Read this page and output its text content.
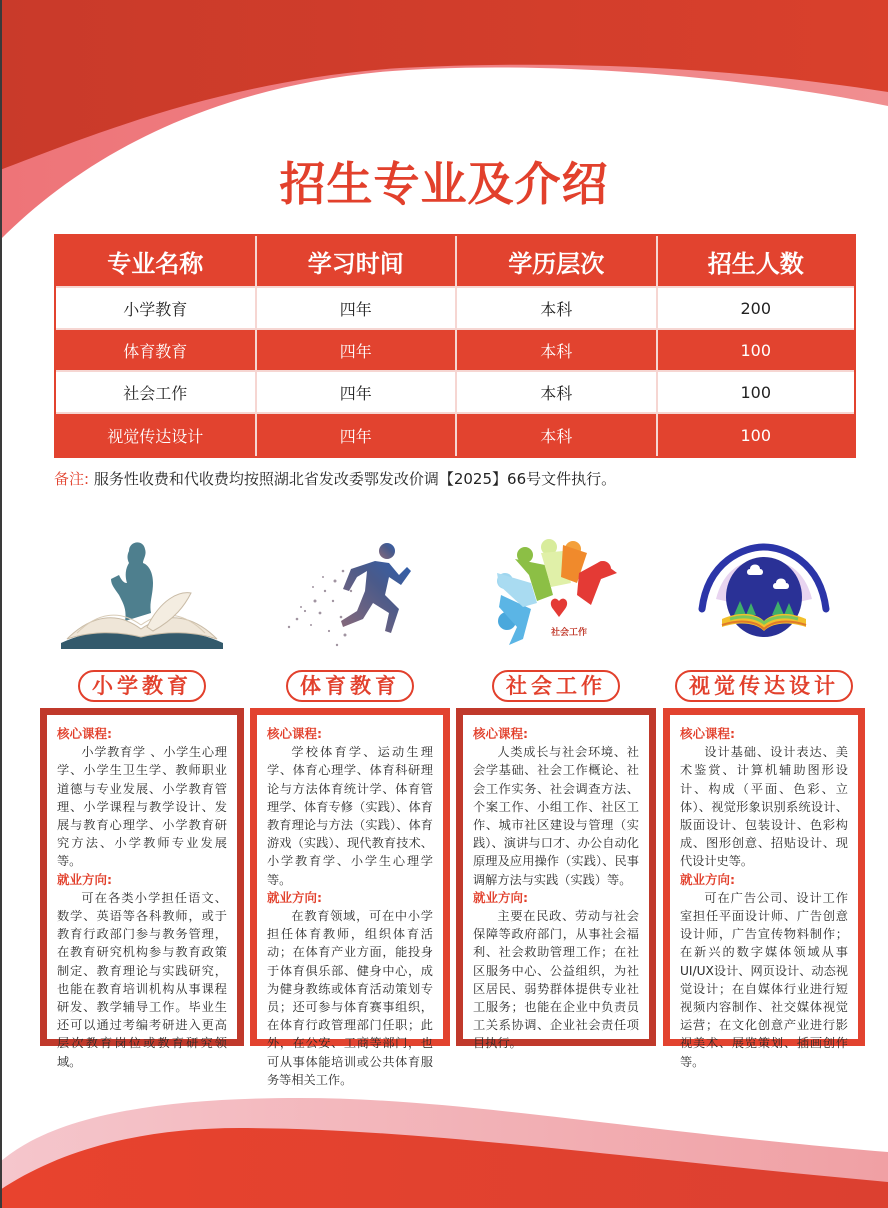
招生专业及介绍
专业名称	学习时间	学历层次	招生人数
小学教育	四年	本科	200
体育教育	四年	本科	100
社会工作	四年	本科	100
视觉传达设计	四年	本科	100
备注: 服务性收费和代收费均按照湖北省发改委鄂发改价调【2025】66号文件执行。
小学教育
核心课程:
小学教育学 、小学生心理学、小学生卫生学、教师职业道德与专业发展、小学教育管理、小学课程与教学设计、发展与教育心理学、小学教育研究方法、小学教师专业发展等。
就业方向:
可在各类小学担任语文、数学、英语等各科教师，或于教育行政部门参与教务管理，在教育研究机构参与教育政策制定、教育理论与实践研究，也能在教育培训机构从事课程研发、教学辅导工作。毕业生还可以通过考编考研进入更高层次教育岗位或教育研究领域。
体育教育
核心课程:
学校体育学、运动生理学、体育心理学、体育科研理论与方法体育统计学、体育管理学、体育专修（实践）、体育教育理论与方法（实践）、体育游戏（实践）、现代教育技术、小学教育学、小学生心理学等。
就业方向:
在教育领域，可在中小学担任体育教师，组织体育活动；在体育产业方面，能投身于体育俱乐部、健身中心，成为健身教练或体育活动策划专员；还可参与体育赛事组织，在体育行政管理部门任职；此外，在公安、工商等部门，也可从事体能培训或公共体育服务等相关工作。
社会工作
社会工作
核心课程:
人类成长与社会环境、社会学基础、社会工作概论、社会工作实务、社会调查方法、个案工作、小组工作、社区工作、城市社区建设与管理（实践）、演讲与口才、办公自动化原理及应用操作（实践）、民事调解方法与实践（实践）等。
就业方向:
主要在民政、劳动与社会保障等政府部门，从事社会福利、社会救助管理工作；在社区服务中心、公益组织，为社区居民、弱势群体提供专业社工服务；也能在企业中负责员工关系协调、企业社会责任项目执行。
视觉传达设计
核心课程:
设计基础、设计表达、美术鉴赏、计算机辅助图形设计、构成（平面、色彩、立体）、视觉形象识别系统设计、版面设计、包装设计、色彩构成、图形创意、招贴设计、现代设计史等。
就业方向:
可在广告公司、设计工作室担任平面设计师、广告创意设计师，广告宣传物料制作；在新兴的数字媒体领域从事UI/UX设计、网页设计、动态视觉设计；在自媒体行业进行短视频内容制作、社交媒体视觉运营；在文化创意产业进行影视美术、展览策划、插画创作等。
